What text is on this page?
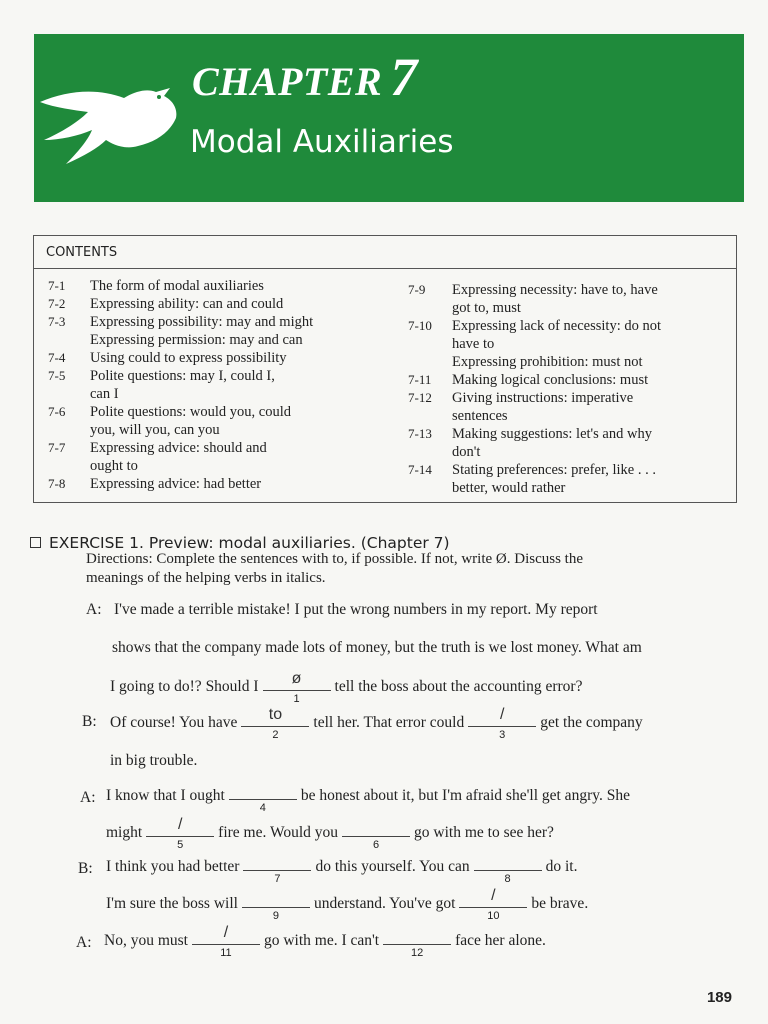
CHAPTER 7
Modal Auxiliaries
CONTENTS
7-1	The form of modal auxiliaries
7-2	Expressing ability: can and could
7-3	Expressing possibility: may and might
Expressing permission: may and can
7-4	Using could to express possibility
7-5	Polite questions: may I, could I,
can I
7-6	Polite questions: would you, could
you, will you, can you
7-7	Expressing advice: should and
ought to
7-8	Expressing advice: had better
7-9	Expressing necessity: have to, have
got to, must
7-10	Expressing lack of necessity: do not
have to
Expressing prohibition: must not
7-11	Making logical conclusions: must
7-12	Giving instructions: imperative
sentences
7-13	Making suggestions: let's and why
don't
7-14	Stating preferences: prefer, like . . .
better, would rather
EXERCISE 1. Preview: modal auxiliaries. (Chapter 7)
Directions: Complete the sentences with to, if possible. If not, write Ø. Discuss the
meanings of the helping verbs in italics.
A:
B:
A:
B:
A:
I've made a terrible mistake! I put the wrong numbers in my report. My report
shows that the company made lots of money, but the truth is we lost money. What am
I going to do!? Should I	ø
1
tell the boss about the accounting error?
Of course! You have	to
2
tell her. That error could	/
3
get the company
in big trouble.
I know that I ought
4
be honest about it, but I'm afraid she'll get angry. She
might	/
5
fire me. Would you
6
go with me to see her?
I think you had better
7
do this yourself. You can
8
do it.
I'm sure the boss will
9
understand. You've got	/
10
be brave.
No, you must	/
11
go with me. I can't
12
face her alone.
189
